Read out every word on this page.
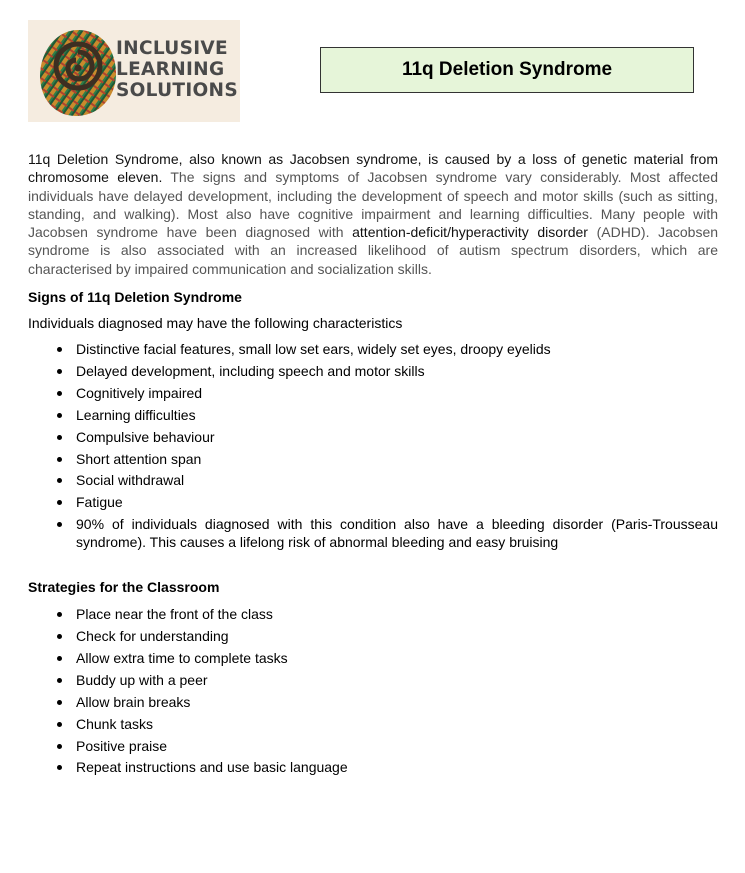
INCLUSIVE
LEARNING
SOLUTIONS
11q Deletion Syndrome

11q Deletion Syndrome, also known as Jacobsen syndrome, is caused by a loss of genetic material from chromosome eleven. The signs and symptoms of Jacobsen syndrome vary considerably. Most affected individuals have delayed development, including the development of speech and motor skills (such as sitting, standing, and walking). Most also have cognitive impairment and learning difficulties. Many people with Jacobsen syndrome have been diagnosed with attention-deficit/hyperactivity disorder (ADHD). Jacobsen syndrome is also associated with an increased likelihood of autism spectrum disorders, which are characterised by impaired communication and socialization skills.

Signs of 11q Deletion Syndrome

Individuals diagnosed may have the following characteristics

Distinctive facial features, small low set ears, widely set eyes, droopy eyelids
Delayed development, including speech and motor skills
Cognitively impaired
Learning difficulties
Compulsive behaviour
Short attention span
Social withdrawal
Fatigue
90% of individuals diagnosed with this condition also have a bleeding disorder (Paris-Trousseau syndrome). This causes a lifelong risk of abnormal bleeding and easy bruising
Strategies for the Classroom
Place near the front of the class
Check for understanding
Allow extra time to complete tasks
Buddy up with a peer
Allow brain breaks
Chunk tasks
Positive praise
Repeat instructions and use basic language
